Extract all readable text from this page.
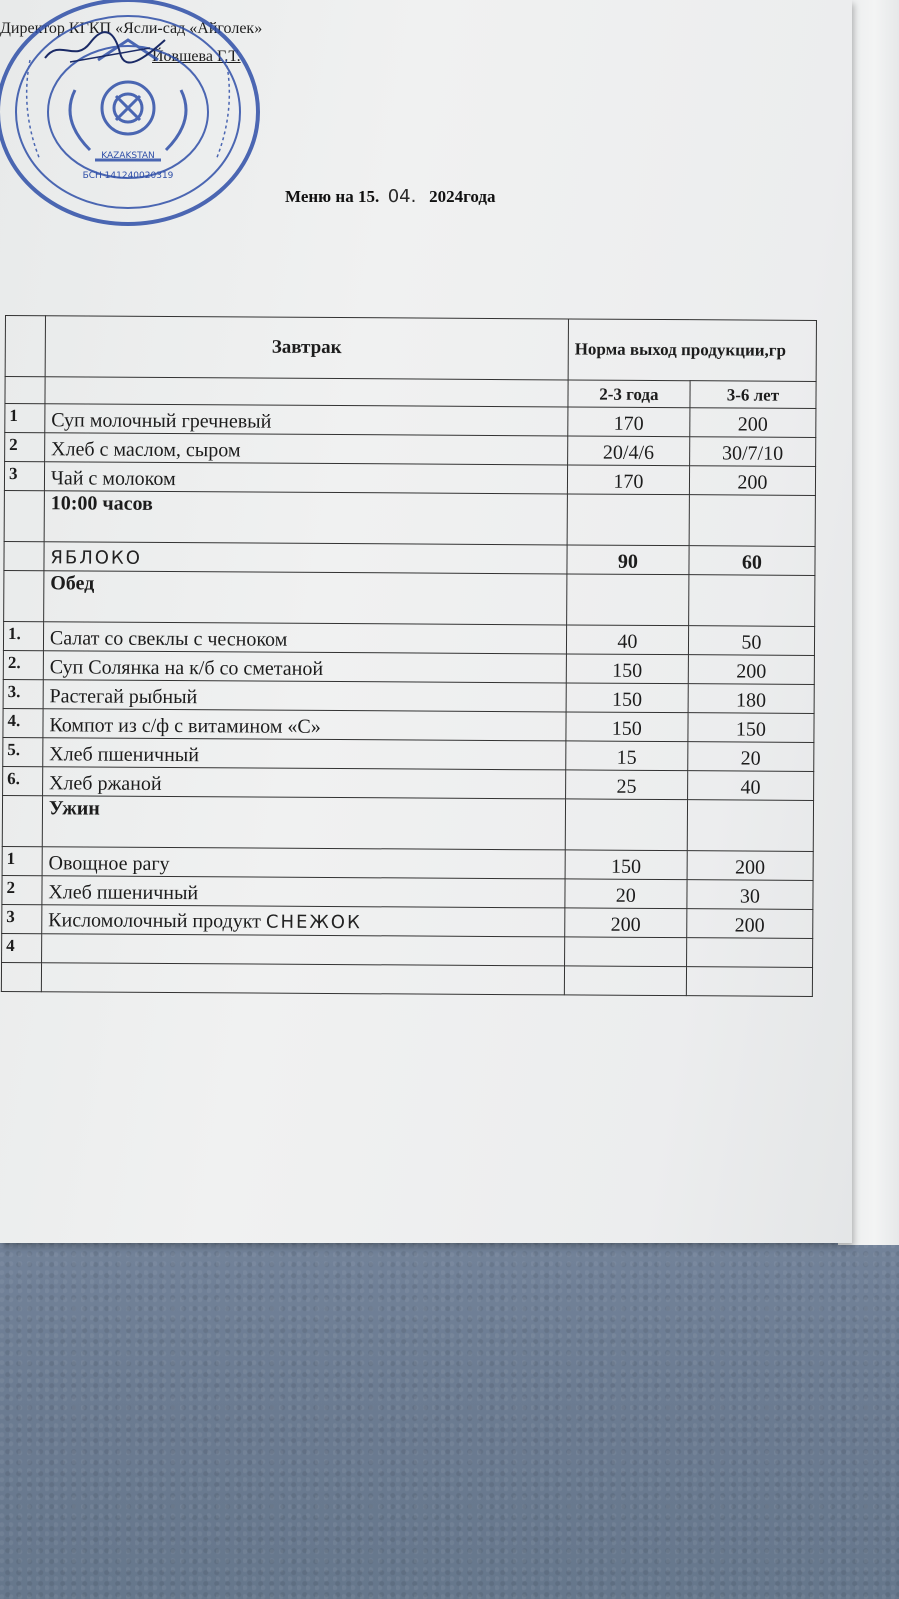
Директор КГКП «Ясли-сад «Айголек»
Йовшева Г.Т.
KAZAKSTAN
БСН 141240020319
Меню на 15. 04. 2024года
	Завтрак	Норма выход продукции,гр	
		2-3 года	3-6 лет
1	Суп молочный гречневый	170	200
2	Хлеб с маслом, сыром	20/4/6	30/7/10
3	Чай с молоком	170	200
	10:00 часов		
	ЯБЛОКО	90	60
	Обед		
1.	Салат со свеклы с чесноком	40	50
2.	Суп Солянка на к/б со сметаной	150	200
3.	Растегай рыбный	150	180
4.	Компот из с/ф с витамином «С»	150	150
5.	Хлеб пшеничный	15	20
6.	Хлеб ржаной	25	40
	Ужин		
1	Овощное рагу	150	200
2	Хлеб пшеничный	20	30
3	Кисломолочный продукт СНЕЖОК	200	200
4			
